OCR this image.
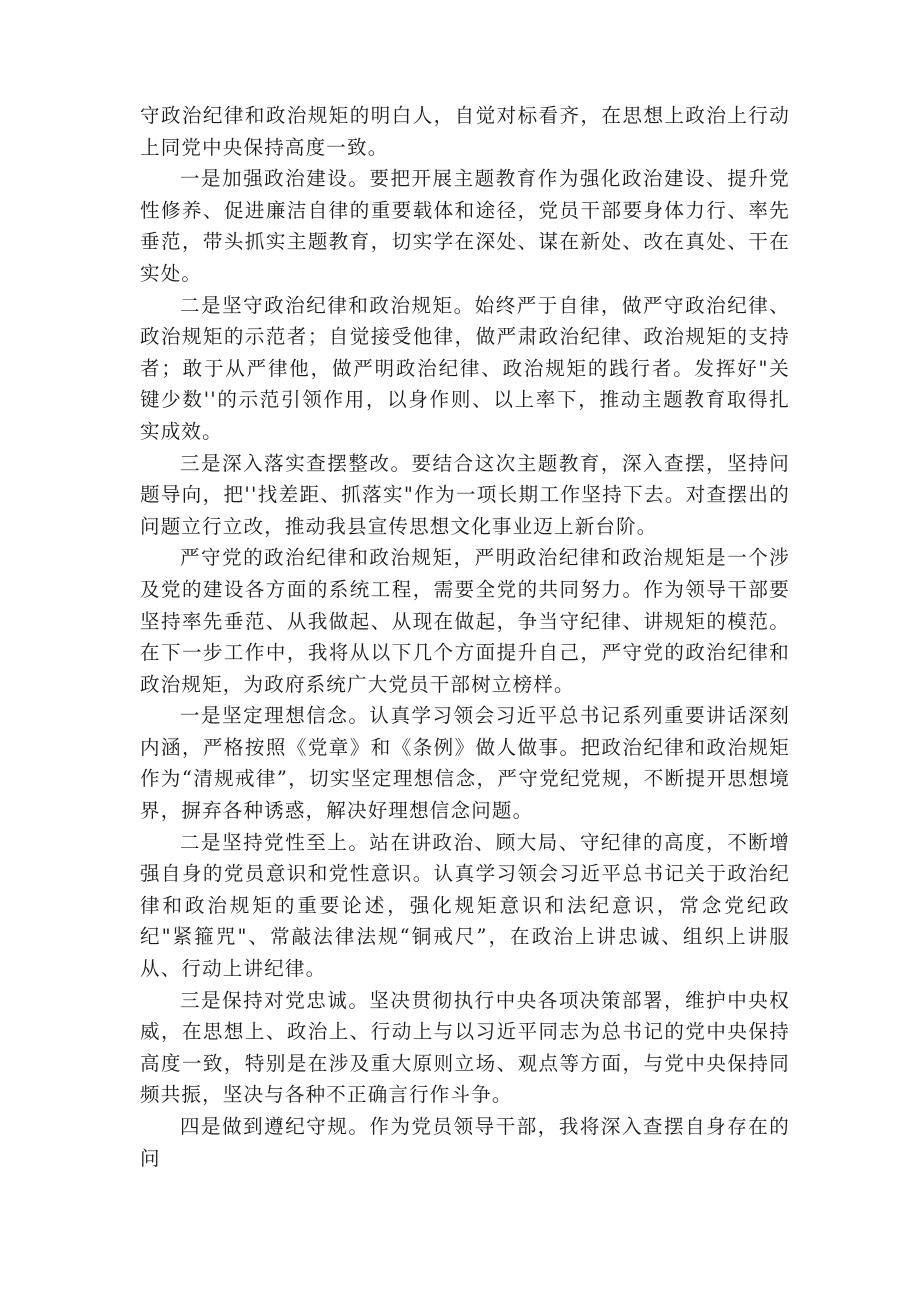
守政治纪律和政治规矩的明白人，自觉对标看齐，在思想上政治上行动上同党中央保持高度一致。

一是加强政治建设。要把开展主题教育作为强化政治建设、提升党性修养、促进廉洁自律的重要载体和途径，党员干部要身体力行、率先垂范，带头抓实主题教育，切实学在深处、谋在新处、改在真处、干在实处。

二是坚守政治纪律和政治规矩。始终严于自律，做严守政治纪律、政治规矩的示范者；自觉接受他律，做严肃政治纪律、政治规矩的支持者；敢于从严律他，做严明政治纪律、政治规矩的践行者。发挥好"关键少数''的示范引领作用，以身作则、以上率下，推动主题教育取得扎实成效。

三是深入落实查摆整改。要结合这次主题教育，深入查摆，坚持问题导向，把''找差距、抓落实"作为一项长期工作坚持下去。对查摆出的问题立行立改，推动我县宣传思想文化事业迈上新台阶。

严守党的政治纪律和政治规矩，严明政治纪律和政治规矩是一个涉及党的建设各方面的系统工程，需要全党的共同努力。作为领导干部要坚持率先垂范、从我做起、从现在做起，争当守纪律、讲规矩的模范。在下一步工作中，我将从以下几个方面提升自己，严守党的政治纪律和政治规矩，为政府系统广大党员干部树立榜样。

一是坚定理想信念。认真学习领会习近平总书记系列重要讲话深刻内涵，严格按照《党章》和《条例》做人做事。把政治纪律和政治规矩作为“清规戒律”，切实坚定理想信念，严守党纪党规，不断提开思想境界，摒弃各种诱惑，解决好理想信念问题。

二是坚持党性至上。站在讲政治、顾大局、守纪律的高度，不断增强自身的党员意识和党性意识。认真学习领会习近平总书记关于政治纪律和政治规矩的重要论述，强化规矩意识和法纪意识，常念党纪政纪"紧箍咒"、常敲法律法规“铜戒尺”，在政治上讲忠诚、组织上讲服从、行动上讲纪律。

三是保持对党忠诚。坚决贯彻执行中央各项决策部署，维护中央权威，在思想上、政治上、行动上与以习近平同志为总书记的党中央保持高度一致，特别是在涉及重大原则立场、观点等方面，与党中央保持同频共振，坚决与各种不正确言行作斗争。

四是做到遵纪守规。作为党员领导干部，我将深入查摆自身存在的问
